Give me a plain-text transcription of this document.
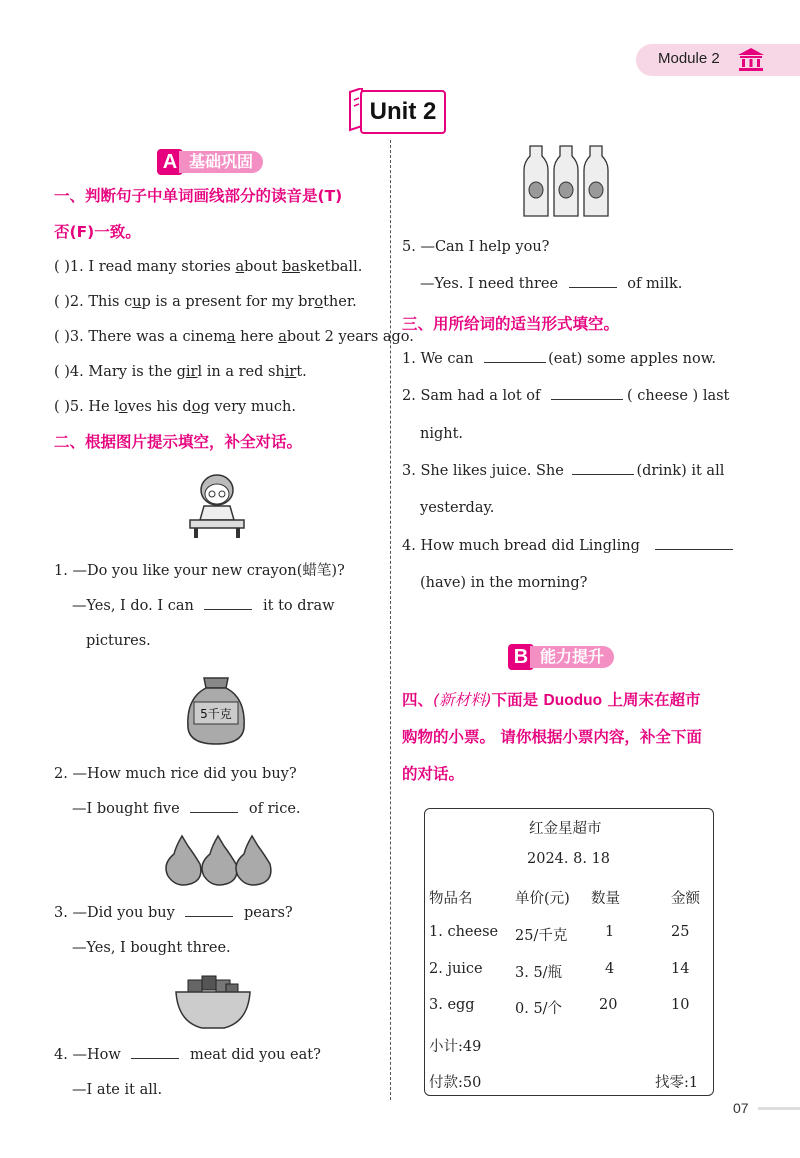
Module 2
Unit 2
A 基础巩固
一、判断句子中单词画线部分的读音是(T)
否(F)一致。
( )1. I read many stories about basketball.
( )2. This cup is a present for my brother.
( )3. There was a cinema here about 2 years ago.
( )4. Mary is the girl in a red shirt.
( )5. He loves his dog very much.
二、根据图片提示填空，补全对话。
1. —Do you like your new crayon(蜡笔)?
—Yes, I do. I can	it to draw
pictures.
5千克
2. —How much rice did you buy?
—I bought five	of rice.
3. —Did you buy	pears?
—Yes, I bought three.
4. —How	meat did you eat?
—I ate it all.
5. —Can I help you?
—Yes. I need three	of milk.
三、用所给词的适当形式填空。
1. We can	(eat) some apples now.
2. Sam had a lot of	( cheese ) last
night.
3. She likes juice. She	(drink) it all
yesterday.
4. How much bread did Lingling
(have) in the morning?
B 能力提升
四、(新材料)下面是 Duoduo 上周末在超市
购物的小票。 请你根据小票内容，补全下面
的对话。
红金星超市
2024. 8. 18
物品名	单价(元) 数量	金额
1. cheese 25/千克	1	25
2. juice 3. 5/瓶	4	14
3. egg	0. 5/个	20	10
小计:49
付款:50	找零:1
07
